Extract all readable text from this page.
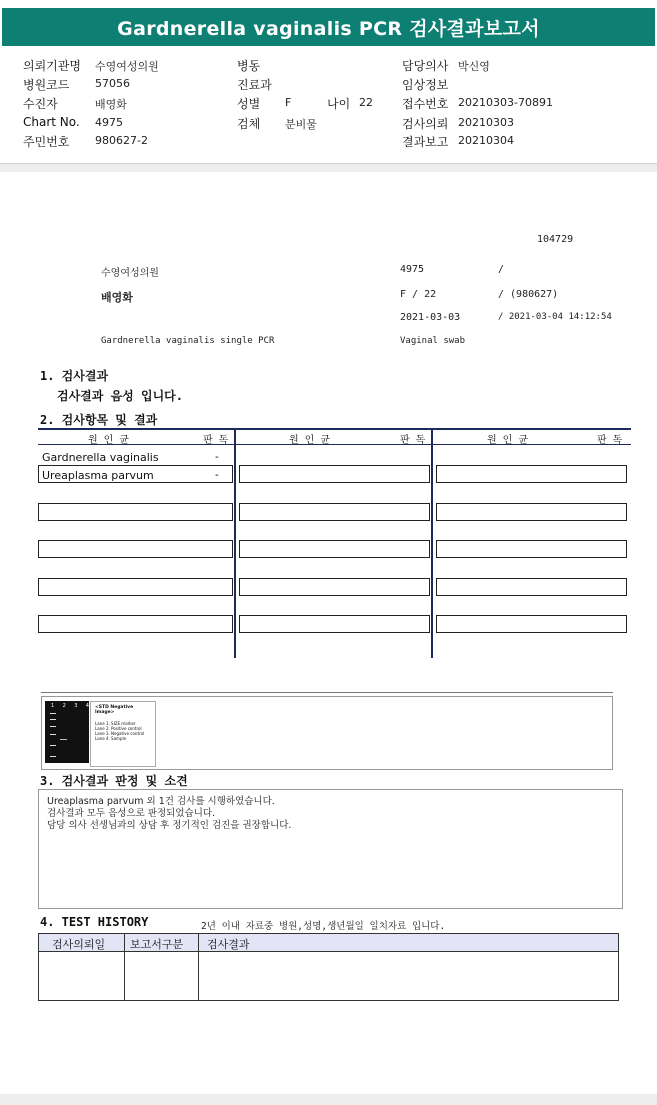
Gardnerella vaginalis PCR 검사결과보고서
의뢰기관명 수영여성의원
병원코드 57056
수진자	배영화
Chart No. 4975
주민번호 980627-2
병동
진료과
성별 F	나이 22
검체 분비물
담당의사 박신영
임상정보
접수번호 20210303-70891
검사의뢰 20210303
결과보고 20210304
104729
수영여성의원	4975	/
배영화	F / 22	/ (980627)
2021-03-03	/ 2021-03-04 14:12:54
Gardnerella vaginalis single PCR	Vaginal swab
1. 검사결과
검사결과 음성 입니다.
2. 검사항목 및 결과
원 인 균	판 독	원 인 균	판 독	원 인 균	판 독
Gardnerella vaginalis	-
Ureaplasma parvum	-
1 2 3 4 <STD Negative Image>
Lane 1. SIZE marker
Lane 2. Positive control
Lane 3. Negative control
Lane 4. Sample
3. 검사결과 판정 및 소견
Ureaplasma parvum 외 1건 검사를 시행하였습니다.
검사결과 모두 음성으로 판정되었습니다.
담당 의사 선생님과의 상담 후 정기적인 검진을 권장합니다.
4. TEST HISTORY	2년 이내 자료중 병원,성명,생년월일 일치자료 입니다.
검사의뢰일 보고서구분 검사결과
